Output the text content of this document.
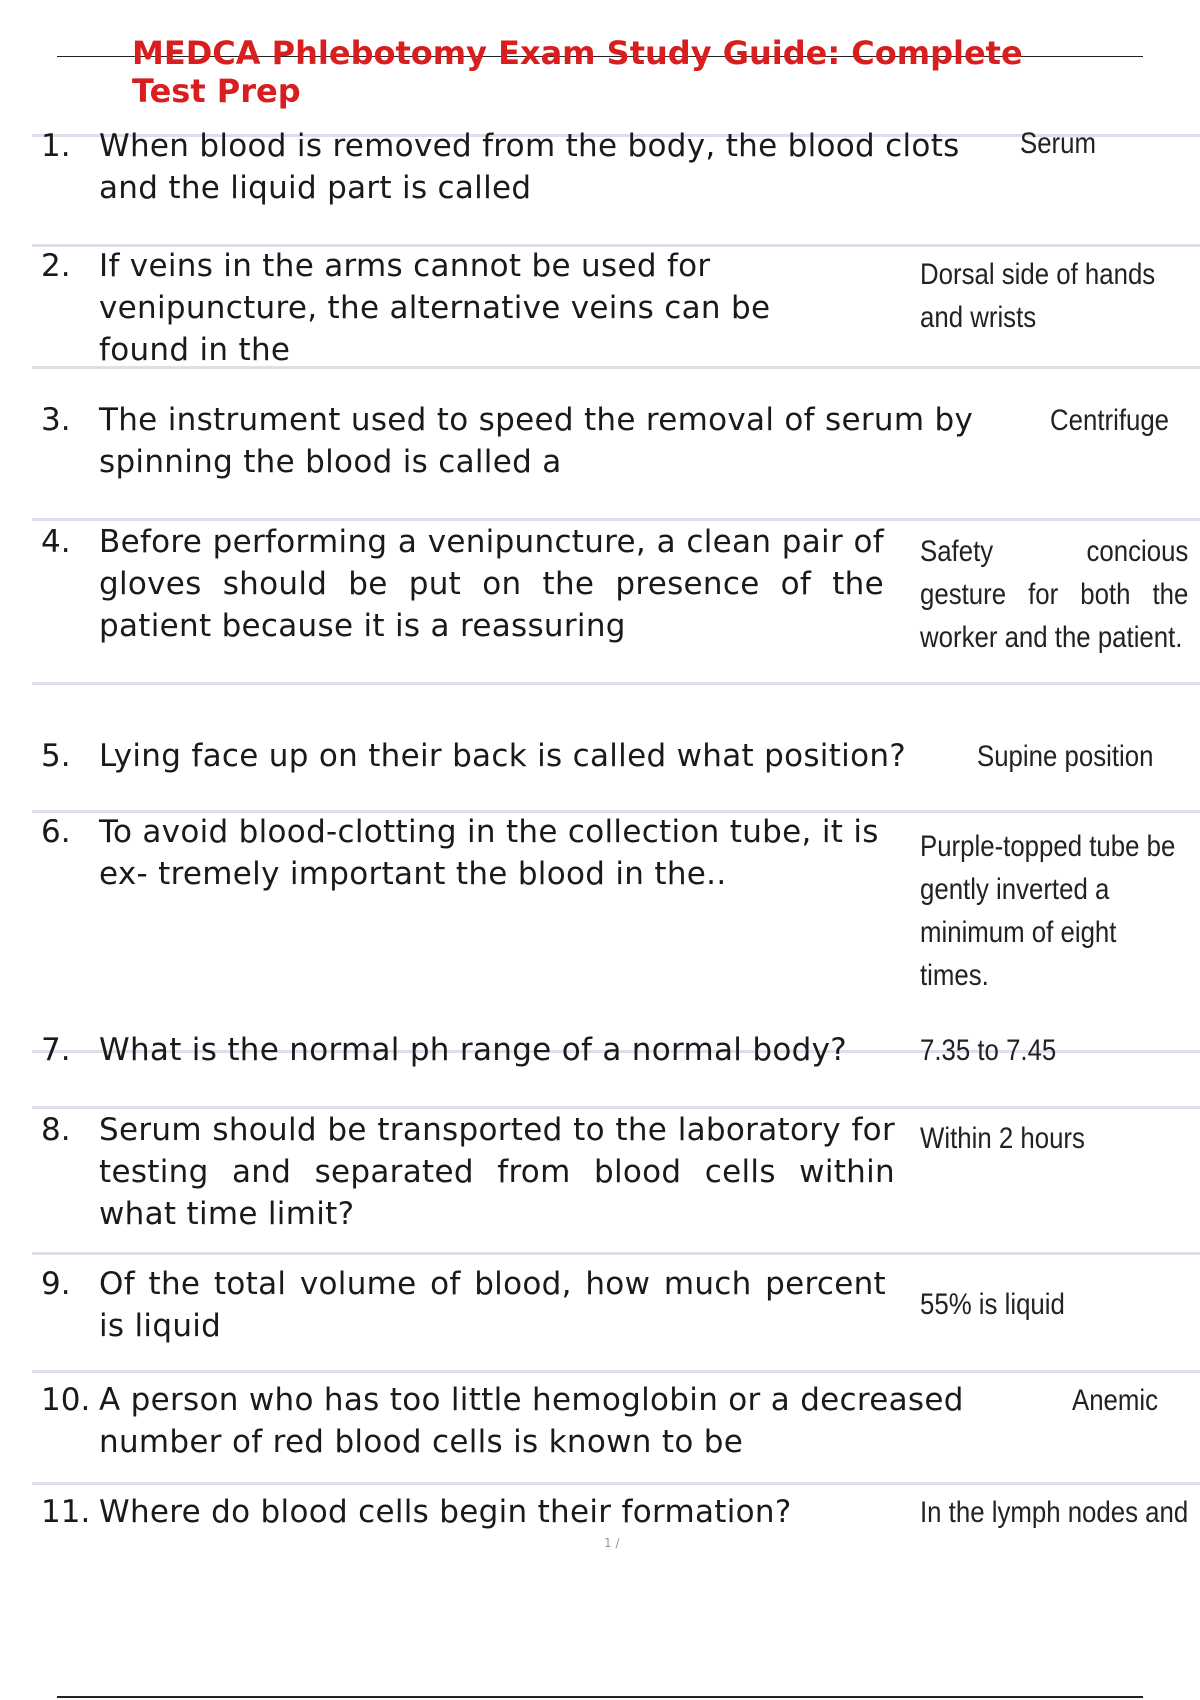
MEDCA Phlebotomy Exam Study Guide: Complete Test Prep
1. When blood is removed from the body, the blood clots and the liquid part is called
Serum
2. If veins in the arms cannot be used for venipuncture, the alternative veins can be found in the
Dorsal side of hands and wrists
3. The instrument used to speed the removal of serum by spinning the blood is called a
Centrifuge
4. Before performing a venipuncture, a clean pair of gloves should be put on the presence of the patient because it is a reassuring
Safety concious gesture for both the worker and the patient.
5. Lying face up on their back is called what position?	Supine position
6. To avoid blood-clotting in the collection tube, it is ex- tremely important the blood in the..
Purple-topped tube be gently inverted a minimum of eight times.
7. What is the normal ph range of a normal body?	7.35 to 7.45
8. Serum should be transported to the laboratory for testing and separated from blood cells within what time limit?
Within 2 hours
9. Of the total volume of blood, how much percent is liquid
55% is liquid
10. A person who has too little hemoglobin or a decreased number of red blood cells is known to be
Anemic
11. Where do blood cells begin their formation?	In the lymph nodes and
1 /
